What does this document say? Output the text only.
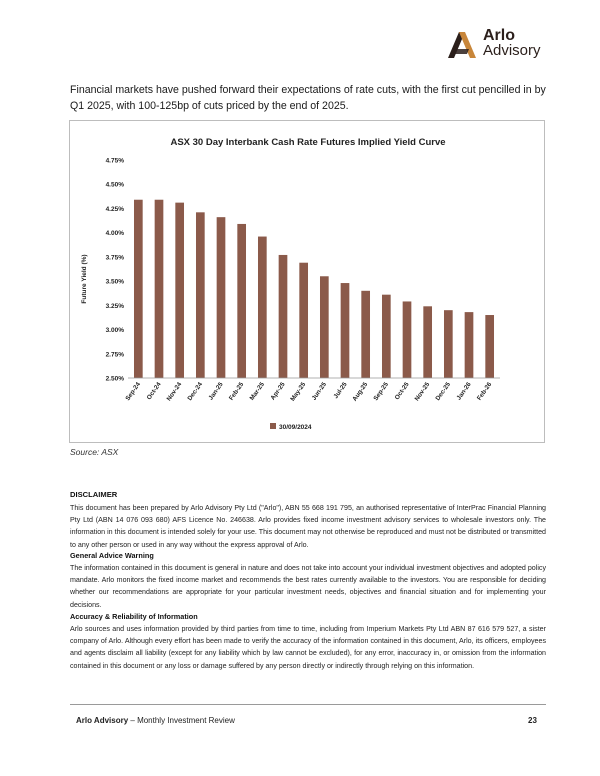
Arlo
Advisory

Financial markets have pushed forward their expectations of rate cuts, with the first cut pencilled in by Q1 2025, with 100-125bp of cuts priced by the end of 2025.

ASX 30 Day Interbank Cash Rate Futures Implied Yield Curve
Future Yield (%)
2.50%
2.75%
3.00%
3.25%
3.50%
3.75%
4.00%
4.25%
4.50%
4.75%
Sep-24 Oct-24 Nov-24 Dec-24 Jan-25 Feb-25 Mar-25 Apr-25 May-25 Jun-25 Jul-25 Aug-25 Sep-25 Oct-25 Nov-25 Dec-25 Jan-26 Feb-26
30/09/2024
Source: ASX
DISCLAIMER

This document has been prepared by Arlo Advisory Pty Ltd ("Arlo"), ABN 55 668 191 795, an authorised representative of InterPrac Financial Planning Pty Ltd (ABN 14 076 093 680) AFS Licence No. 246638. Arlo provides fixed income investment advisory services to wholesale investors only. The information in this document is intended solely for your use. This document may not otherwise be reproduced and must not be distributed or transmitted to any other person or used in any way without the express approval of Arlo.

General Advice Warning

The information contained in this document is general in nature and does not take into account your individual investment objectives and adopted policy mandate. Arlo monitors the fixed income market and recommends the best rates currently available to the investors. You are responsible for deciding whether our recommendations are appropriate for your particular investment needs, objectives and financial situation and for implementing your decisions.

Accuracy & Reliability of Information

Arlo sources and uses information provided by third parties from time to time, including from Imperium Markets Pty Ltd ABN 87 616 579 527, a sister company of Arlo. Although every effort has been made to verify the accuracy of the information contained in this document, Arlo, its officers, employees and agents disclaim all liability (except for any liability which by law cannot be excluded), for any error, inaccuracy in, or omission from the information contained in this document or any loss or damage suffered by any person directly or indirectly through relying on this information.

Arlo Advisory – Monthly Investment Review	23
